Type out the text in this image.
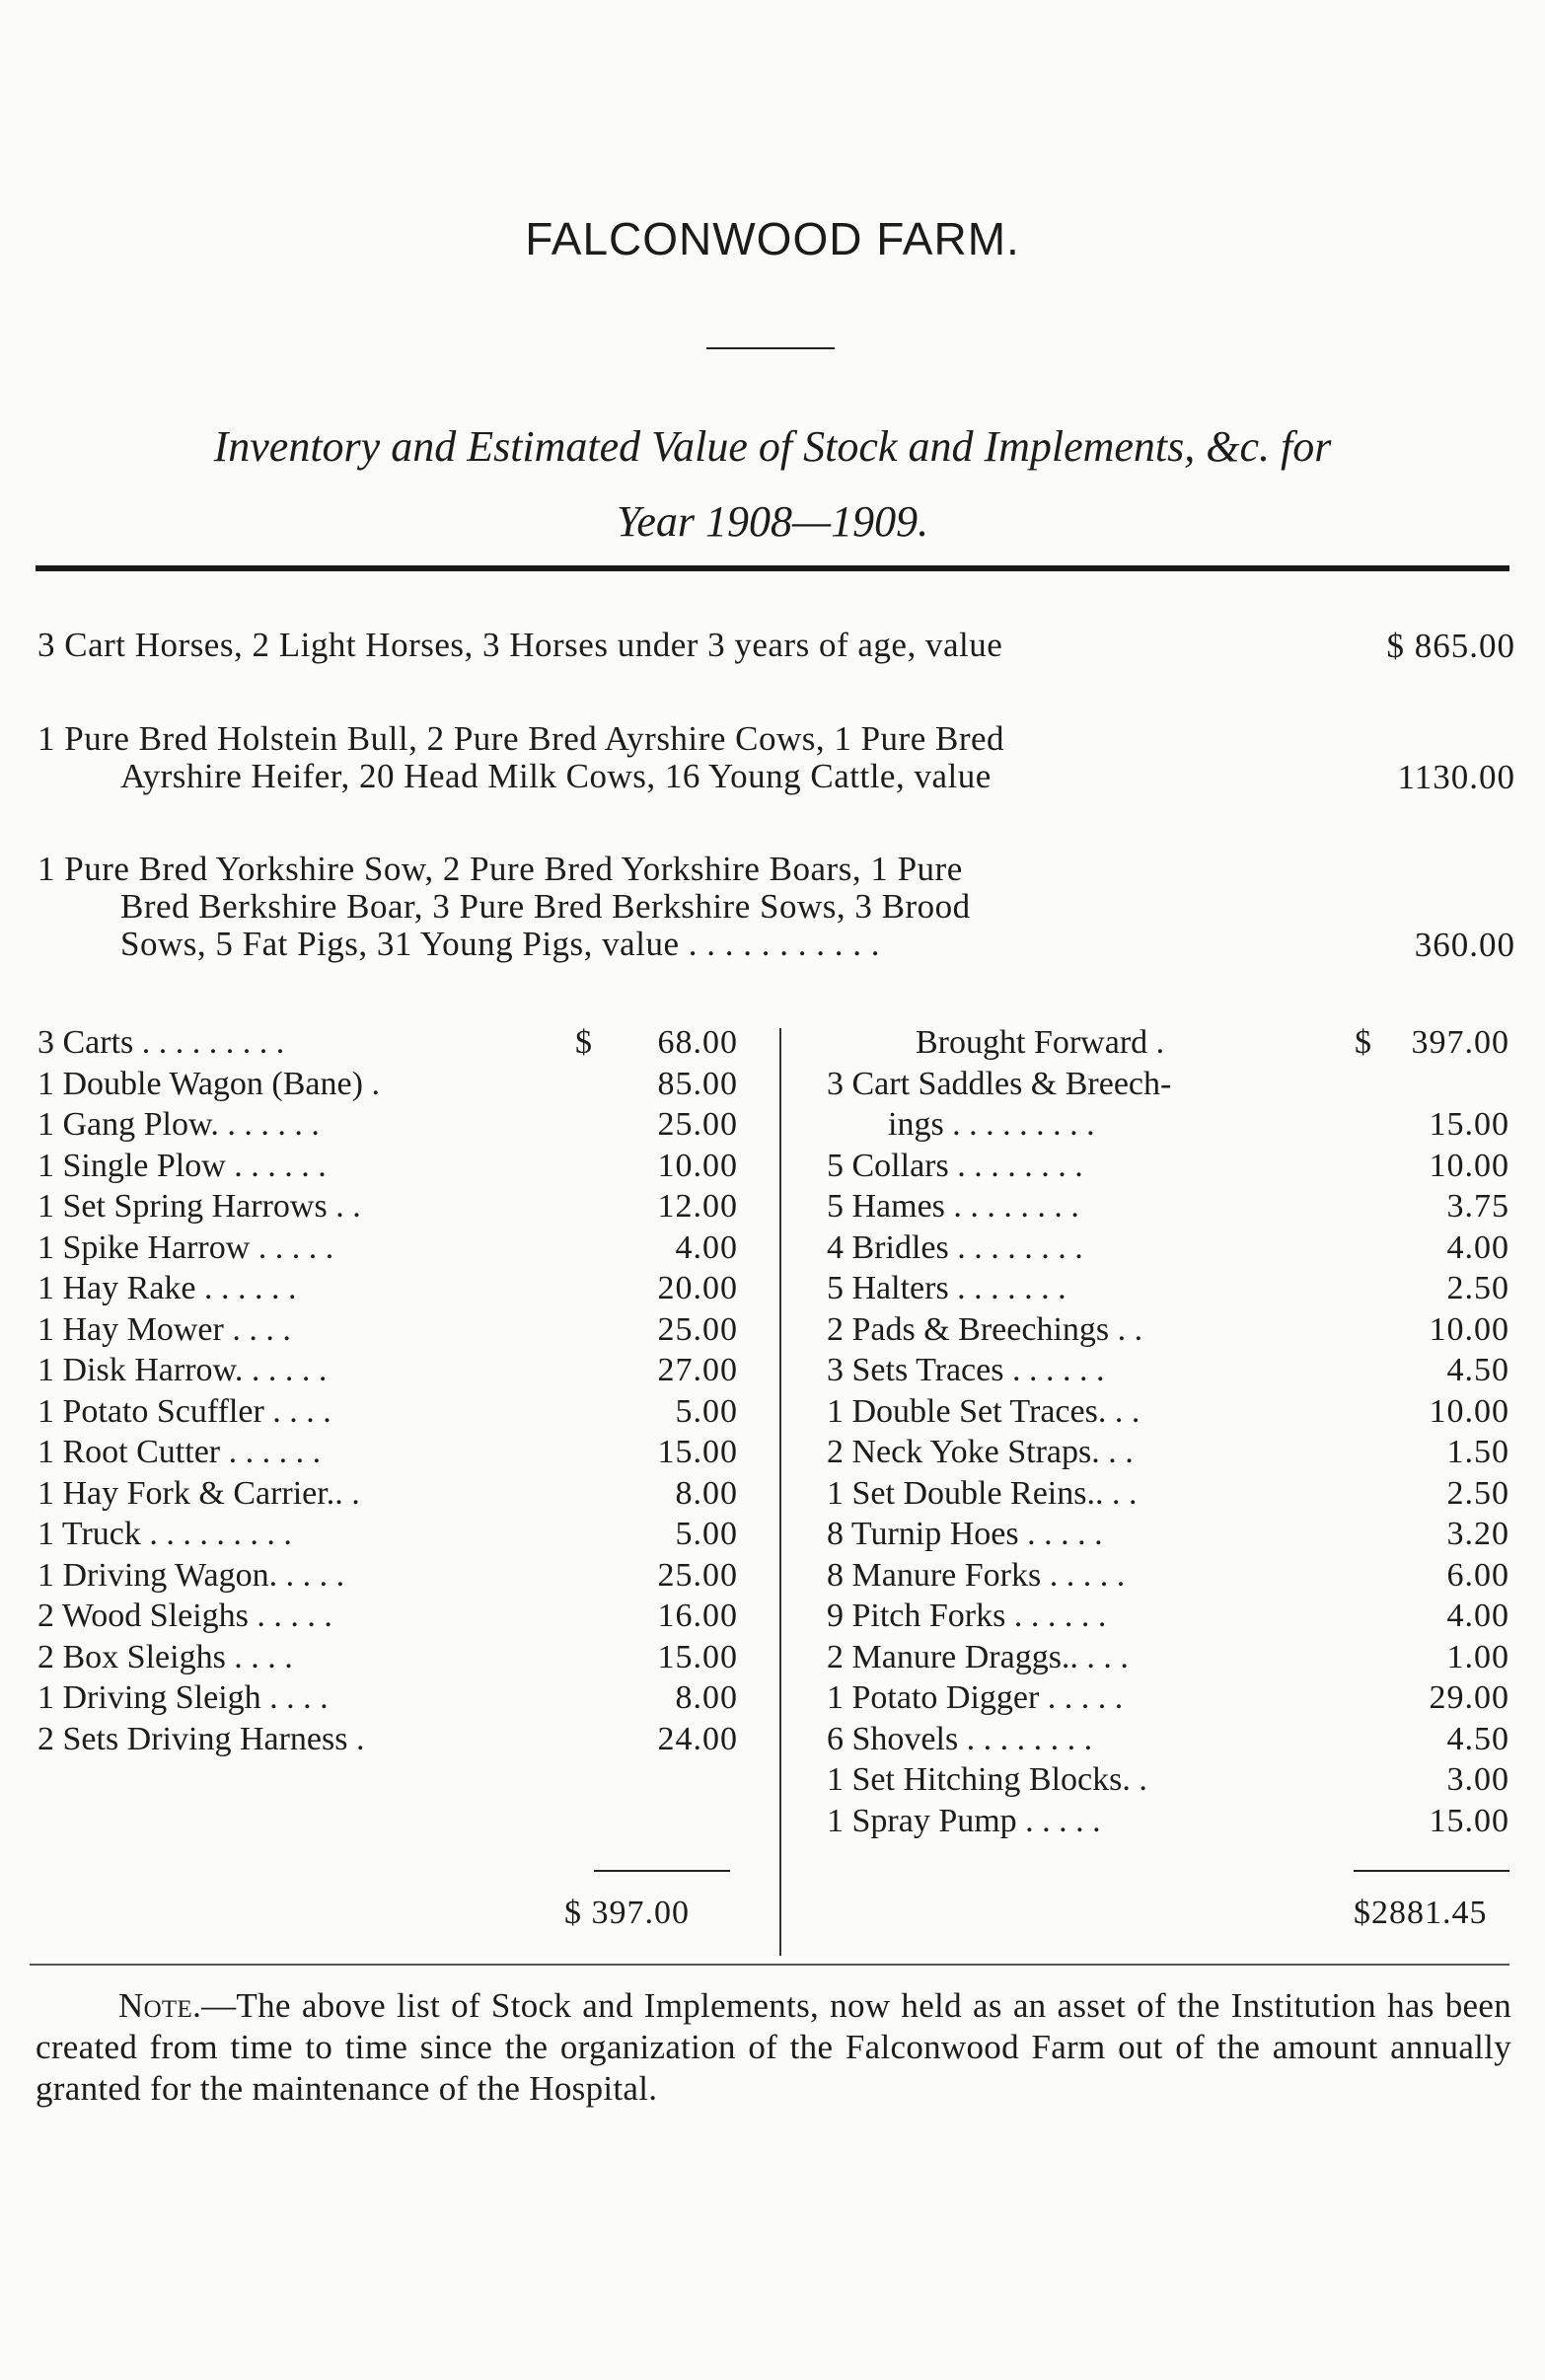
FALCONWOOD FARM.
Inventory and Estimated Value of Stock and Implements, &c. for
Year 1908—1909.
3 Cart Horses, 2 Light Horses, 3 Horses under 3 years of age, value	$ 865.00
1 Pure Bred Holstein Bull, 2 Pure Bred Ayrshire Cows, 1 Pure Bred
Ayrshire Heifer, 20 Head Milk Cows, 16 Young Cattle, value	1130.00
1 Pure Bred Yorkshire Sow, 2 Pure Bred Yorkshire Boars, 1 Pure
Bred Berkshire Boar, 3 Pure Bred Berkshire Sows, 3 Brood
Sows, 5 Fat Pigs, 31 Young Pigs, value . . . . . . . . . . .	360.00
3 Carts . . . . . . . . .	68.00
$
1 Double Wagon (Bane) .	85.00
1 Gang Plow. . . . . . .	25.00
1 Single Plow . . . . . .	10.00
1 Set Spring Harrows . .	12.00
1 Spike Harrow . . . . .	4.00
1 Hay Rake . . . . . .	20.00
1 Hay Mower . . . .	25.00
1 Disk Harrow. . . . . .	27.00
1 Potato Scuffler . . . .	5.00
1 Root Cutter . . . . . .	15.00
1 Hay Fork & Carrier.. .	8.00
1 Truck . . . . . . . . .	5.00
1 Driving Wagon. . . . .	25.00
2 Wood Sleighs . . . . .	16.00
2 Box Sleighs . . . .	15.00
1 Driving Sleigh . . . .	8.00
2 Sets Driving Harness .	24.00
Brought Forward .	$	397.00
3 Cart Saddles & Breech-
ings . . . . . . . . .	15.00
5 Collars . . . . . . . .	10.00
5 Hames . . . . . . . .	3.75
4 Bridles . . . . . . . .	4.00
5 Halters . . . . . . .	2.50
2 Pads & Breechings . .	10.00
3 Sets Traces . . . . . .	4.50
1 Double Set Traces. . .	10.00
2 Neck Yoke Straps. . .	1.50
1 Set Double Reins.. . .	2.50
8 Turnip Hoes . . . . .	3.20
8 Manure Forks . . . . .	6.00
9 Pitch Forks . . . . . .	4.00
2 Manure Draggs.. . . .	1.00
1 Potato Digger . . . . .	29.00
6 Shovels . . . . . . . .	4.50
1 Set Hitching Blocks. .	3.00
1 Spray Pump . . . . .	15.00
$ 397.00	$2881.45
Note.—The above list of Stock and Implements, now held as an asset of the Institution has been created from time to time since the organization of the Falconwood Farm out of the amount annually granted for the maintenance of the Hospital.
